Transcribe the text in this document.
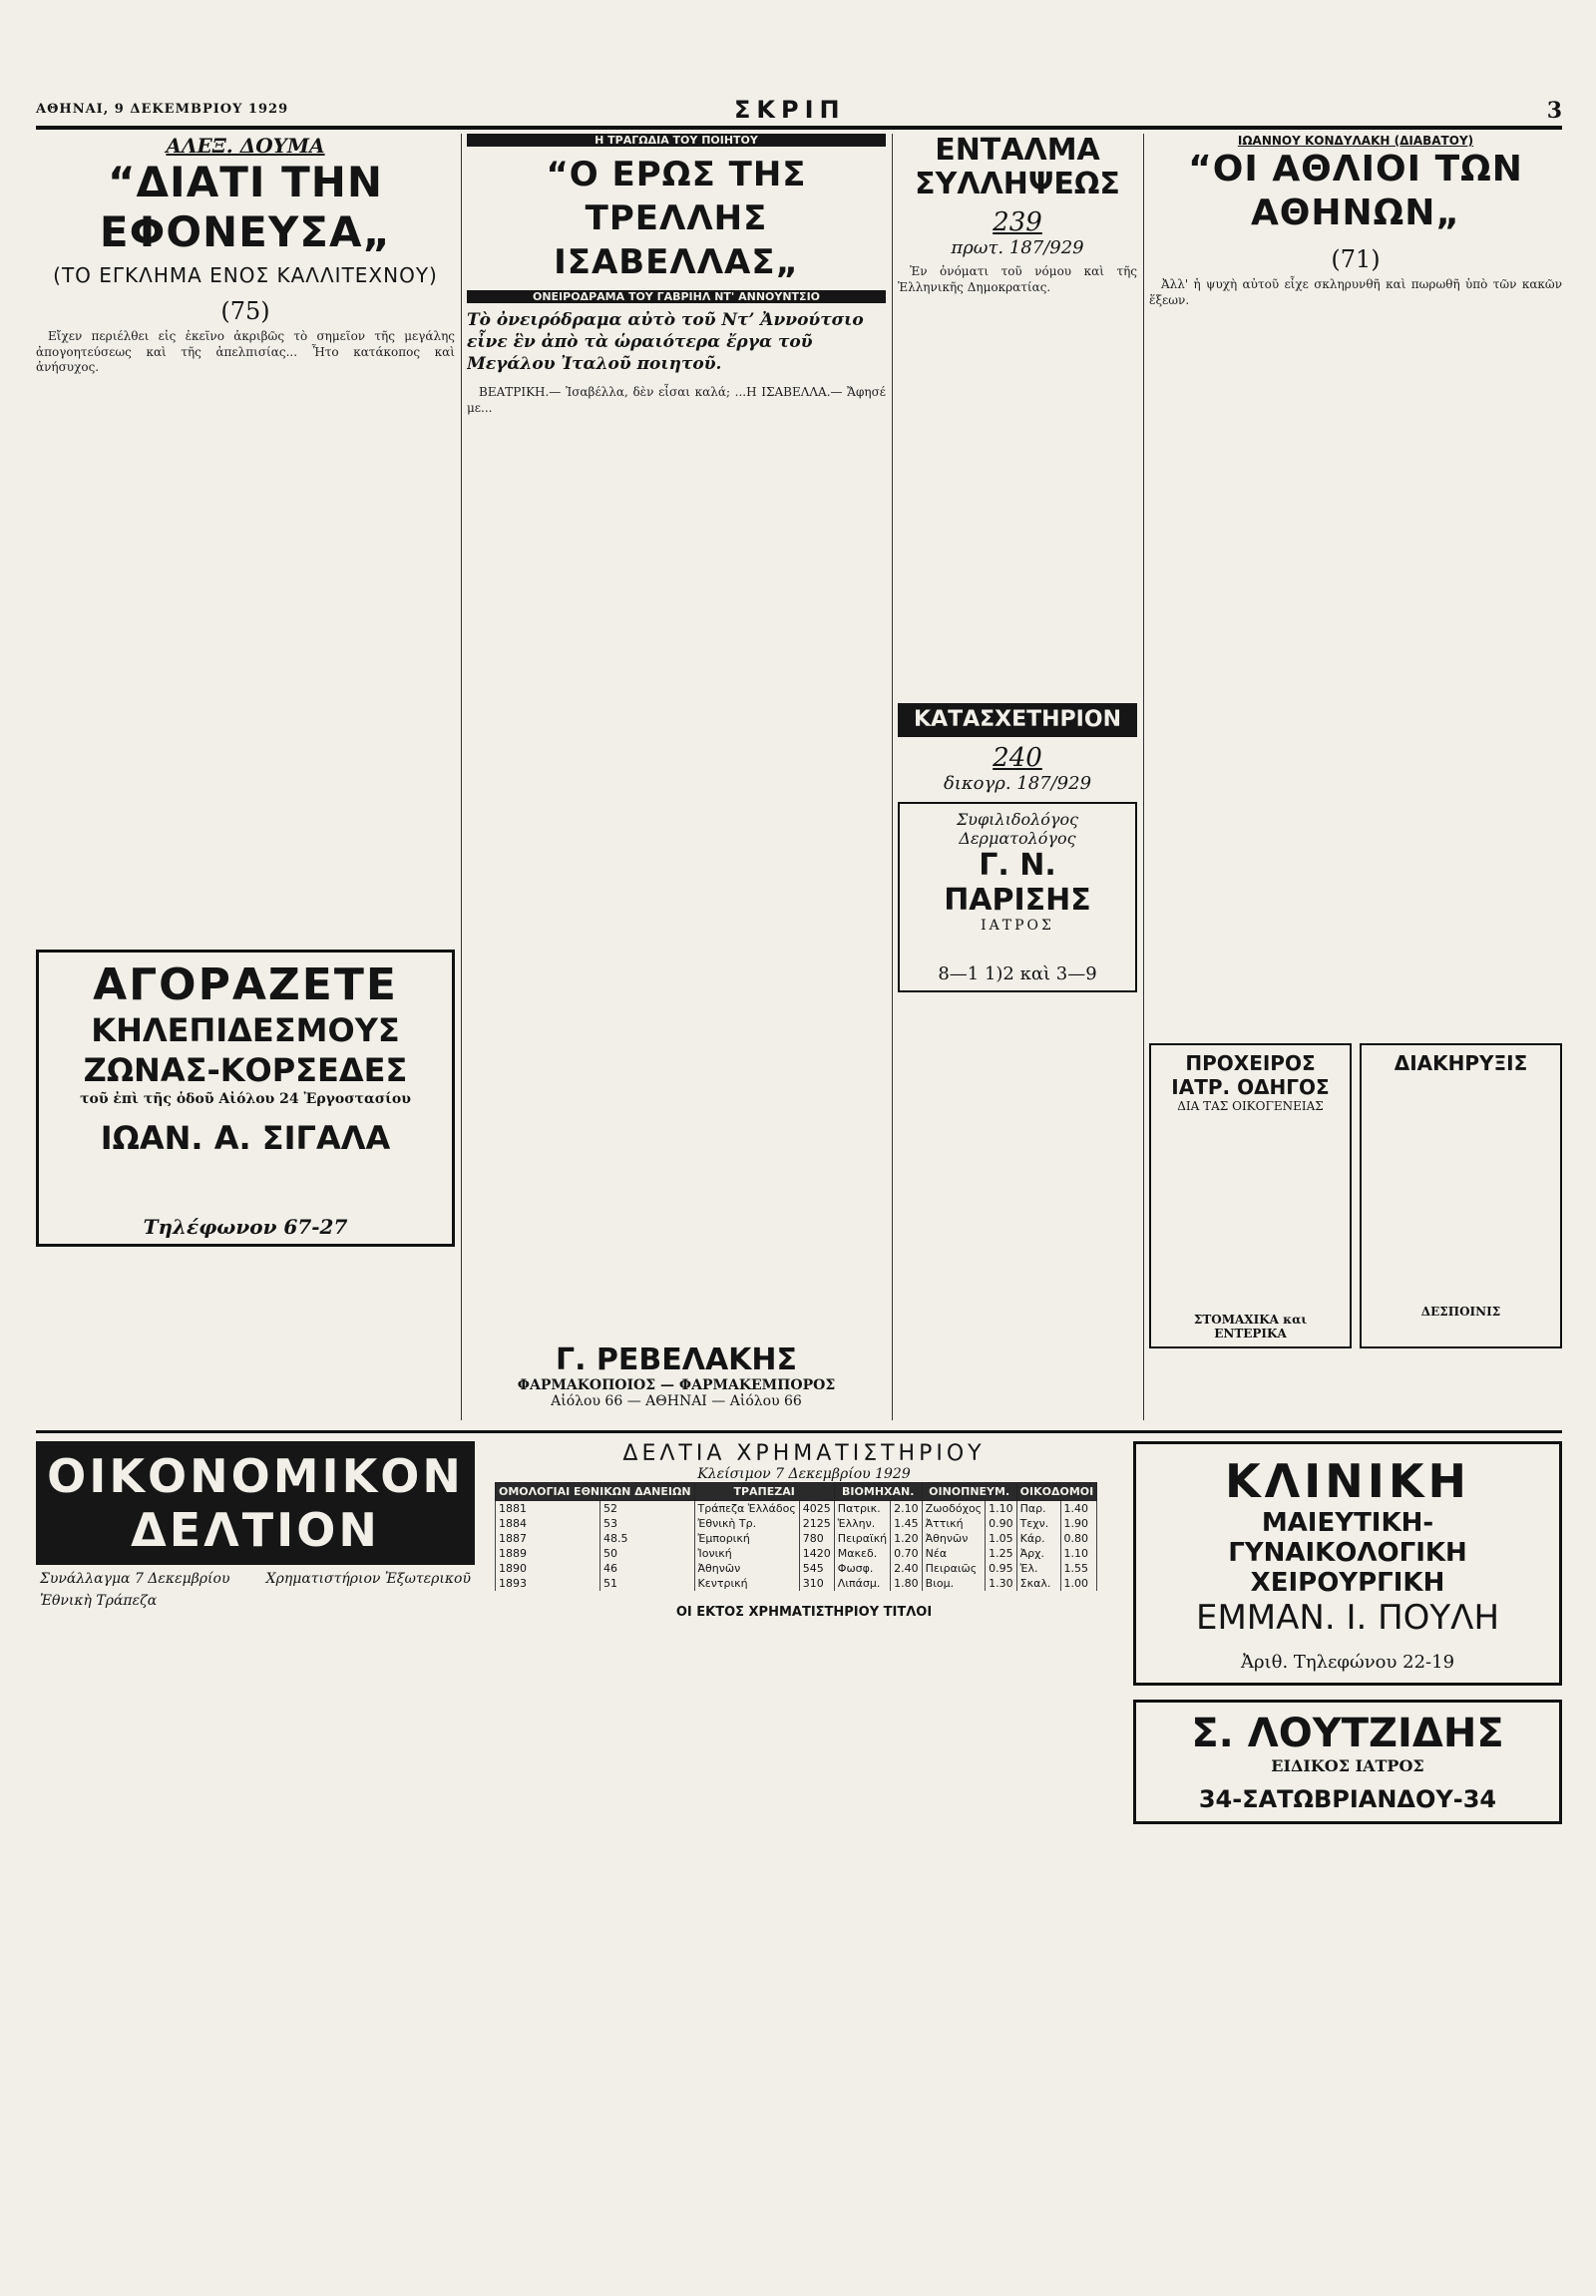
ΑΘΗΝΑΙ, 9 ΔΕΚΕΜΒΡΙΟΥ 1929	ΣΚΡΙΠ	3
ΑΛΕΞ. ΔΟΥΜΑ
“ΔΙΑΤΙ ΤΗΝ ΕΦΟΝΕΥΣΑ„
(ΤΟ ΕΓΚΛΗΜΑ ΕΝΟΣ ΚΑΛΛΙΤΕΧΝΟΥ)
(75)

Εἴχεν περιέλθει εἰς ἐκεῖνο ἀκριβῶς τὸ σημεῖον τῆς μεγάλης ἀπογοητεύσεως καὶ τῆς ἀπελπισίας... Ἦτο κατάκοπος καὶ ἀνήσυχος.

ΑΓΟΡΑΖΕΤΕ
ΚΗΛΕΠΙΔΕΣΜΟΥΣ
ΖΩΝΑΣ-ΚΟΡΣΕΔΕΣ
τοῦ ἐπὶ τῆς ὁδοῦ Αἰόλου 24 Ἐργοστασίου
ΙΩΑΝ. Α. ΣΙΓΑΛΑ
Τηλέφωνον 67-27
Η ΤΡΑΓΩΔΙΑ ΤΟΥ ΠΟΙΗΤΟΥ
“Ο ΕΡΩΣ ΤΗΣ ΤΡΕΛΛΗΣ ΙΣΑΒΕΛΛΑΣ„
ΟΝΕΙΡΟΔΡΑΜΑ ΤΟΥ ΓΑΒΡΙΗΛ ΝΤ' ΑΝΝΟΥΝΤΣΙΟ
Τὸ ὀνειρόδραμα αὐτὸ τοῦ Ντ’ Ἀννούτσιο εἶνε ἓν ἀπὸ τὰ ὡραιότερα ἔργα τοῦ Μεγάλου Ἰταλοῦ ποιητοῦ.

ΒΕΑΤΡΙΚΗ.— Ἰσαβέλλα, δὲν εἶσαι καλά; ...Η ΙΣΑΒΕΛΛΑ.— Ἄφησέ με...

ΕΝΤΑΛΜΑ ΣΥΛΛΗΨΕΩΣ
239
πρωτ. 187/929

Ἐν ὀνόματι τοῦ νόμου καὶ τῆς Ἑλληνικῆς Δημοκρατίας.

ΚΑΤΑΣΧΕΤΗΡΙΟΝ
240
δικογρ. 187/929
Συφιλιδολόγος Δερματολόγος
Γ. Ν. ΠΑΡΙΣΗΣ
ΙΑΤΡΟΣ
8—1 1)2 καὶ 3—9
ΙΩΑΝΝΟΥ ΚΟΝΔΥΛΑΚΗ (ΔΙΑΒΑΤΟΥ)
“ΟΙ ΑΘΛΙΟΙ ΤΩΝ ΑΘΗΝΩΝ„
(71)

Ἀλλ' ἡ ψυχὴ αὐτοῦ εἶχε σκληρυνθῆ καὶ πωρωθῆ ὑπὸ τῶν κακῶν ἕξεων.

ΠΡΟΧΕΙΡΟΣ ΙΑΤΡ. ΟΔΗΓΟΣ
ΔΙΑ ΤΑΣ ΟΙΚΟΓΕΝΕΙΑΣ
ΣΤΟΜΑΧΙΚΑ και ΕΝΤΕΡΙΚΑ
ΔΙΑΚΗΡΥΞΙΣ
ΔΕΣΠΟΙΝΙΣ
Γ. ΡΕΒΕΛΑΚΗΣ
ΦΑΡΜΑΚΟΠΟΙΟΣ — ΦΑΡΜΑΚΕΜΠΟΡΟΣ
Αἰόλου 66 — ΑΘΗΝΑΙ — Αἰόλου 66
ΟΙΚΟΝΟΜΙΚΟΝ ΔΕΛΤΙΟΝ
Συνάλλαγμα 7 Δεκεμβρίου	Χρηματιστήριον Ἐξωτερικοῦ
Ἐθνικὴ Τράπεζα
ΔΕΛΤΙΑ ΧΡΗΜΑΤΙΣΤΗΡΙΟΥ
Κλείσιμον 7 Δεκεμβρίου 1929
ΟΜΟΛΟΓΙΑΙ ΕΘΝΙΚΩΝ ΔΑΝΕΙΩΝ		ΤΡΑΠΕΖΑΙ		ΒΙΟΜΗΧΑΝ.		ΟΙΝΟΠΝΕΥΜ.		ΟΙΚΟΔΟΜΟΙ	
1881	52	Τράπεζα Ἑλλάδος	4025	Πατρικ.	2.10	Ζωοδόχος	1.10	Παρ.	1.40
1884	53	Ἐθνικὴ Τρ.	2125	Ἑλλην.	1.45	Ἀττική	0.90	Τεχν.	1.90
1887	48.5	Ἐμπορική	780	Πειραϊκή	1.20	Ἀθηνῶν	1.05	Κάρ.	0.80
1889	50	Ἰονική	1420	Μακεδ.	0.70	Νέα	1.25	Ἀρχ.	1.10
1890	46	Ἀθηνῶν	545	Φωσφ.	2.40	Πειραιῶς	0.95	Ἐλ.	1.55
1893	51	Κεντρική	310	Λιπάσμ.	1.80	Βιομ.	1.30	Σκαλ.	1.00
ΟΙ ΕΚΤΟΣ ΧΡΗΜΑΤΙΣΤΗΡΙΟΥ ΤΙΤΛΟΙ
ΚΛΙΝΙΚΗ
ΜΑΙΕΥΤΙΚΗ-ΓΥΝΑΙΚΟΛΟΓΙΚΗ ΧΕΙΡΟΥΡΓΙΚΗ
ΕΜΜΑΝ. Ι. ΠΟΥΛΗ
Ἀριθ. Τηλεφώνου 22-19
Σ. ΛΟΥΤΖΙΔΗΣ
ΕΙΔΙΚΟΣ ΙΑΤΡΟΣ
34-ΣΑΤΩΒΡΙΑΝΔΟΥ-34
